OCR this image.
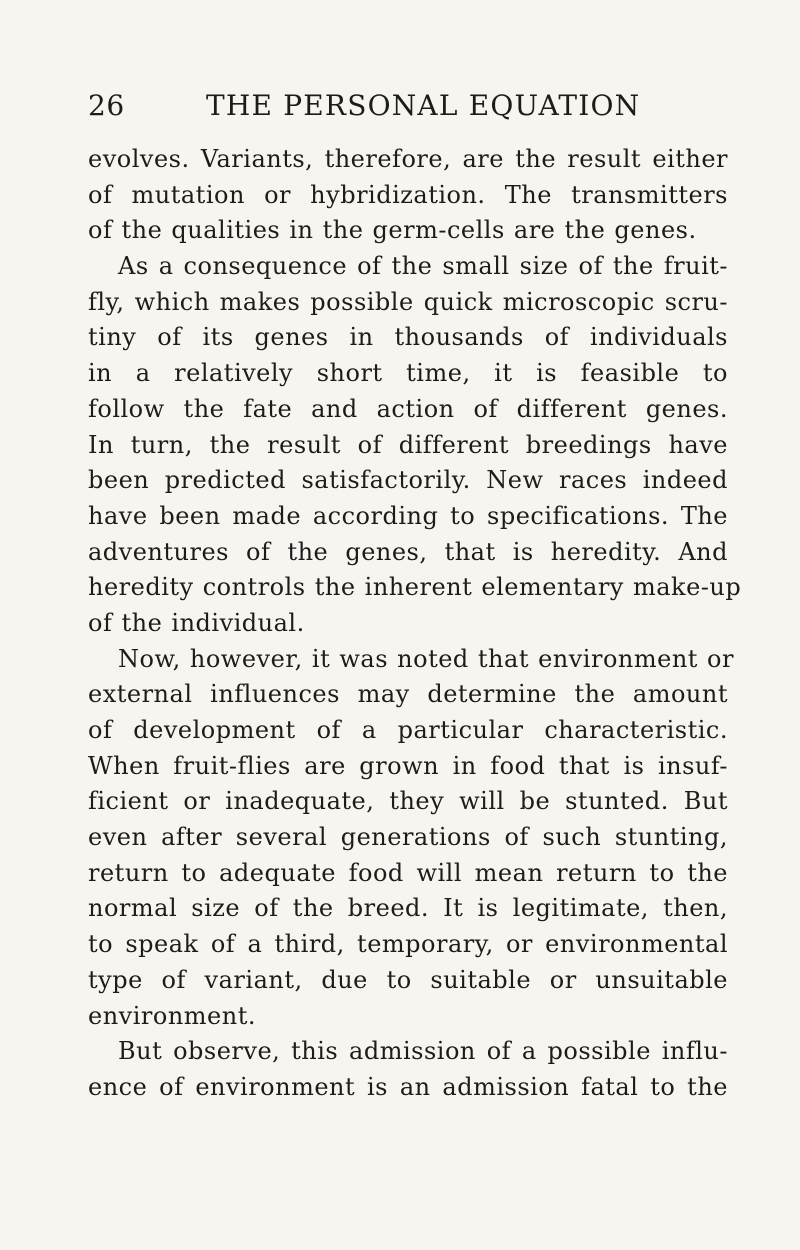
26	THE PERSONAL EQUATION
evolves. Variants, therefore, are the result either
of mutation or hybridization. The transmitters
of the qualities in the germ-cells are the genes.
As a consequence of the small size of the fruit-
fly, which makes possible quick microscopic scru-
tiny of its genes in thousands of individuals
in a relatively short time, it is feasible to
follow the fate and action of different genes.
In turn, the result of different breedings have
been predicted satisfactorily. New races indeed
have been made according to specifications. The
adventures of the genes, that is heredity. And
heredity controls the inherent elementary make-up
of the individual.
Now, however, it was noted that environment or
external influences may determine the amount
of development of a particular characteristic.
When fruit-flies are grown in food that is insuf-
ficient or inadequate, they will be stunted. But
even after several generations of such stunting,
return to adequate food will mean return to the
normal size of the breed. It is legitimate, then,
to speak of a third, temporary, or environmental
type of variant, due to suitable or unsuitable
environment.
But observe, this admission of a possible influ-
ence of environment is an admission fatal to the
